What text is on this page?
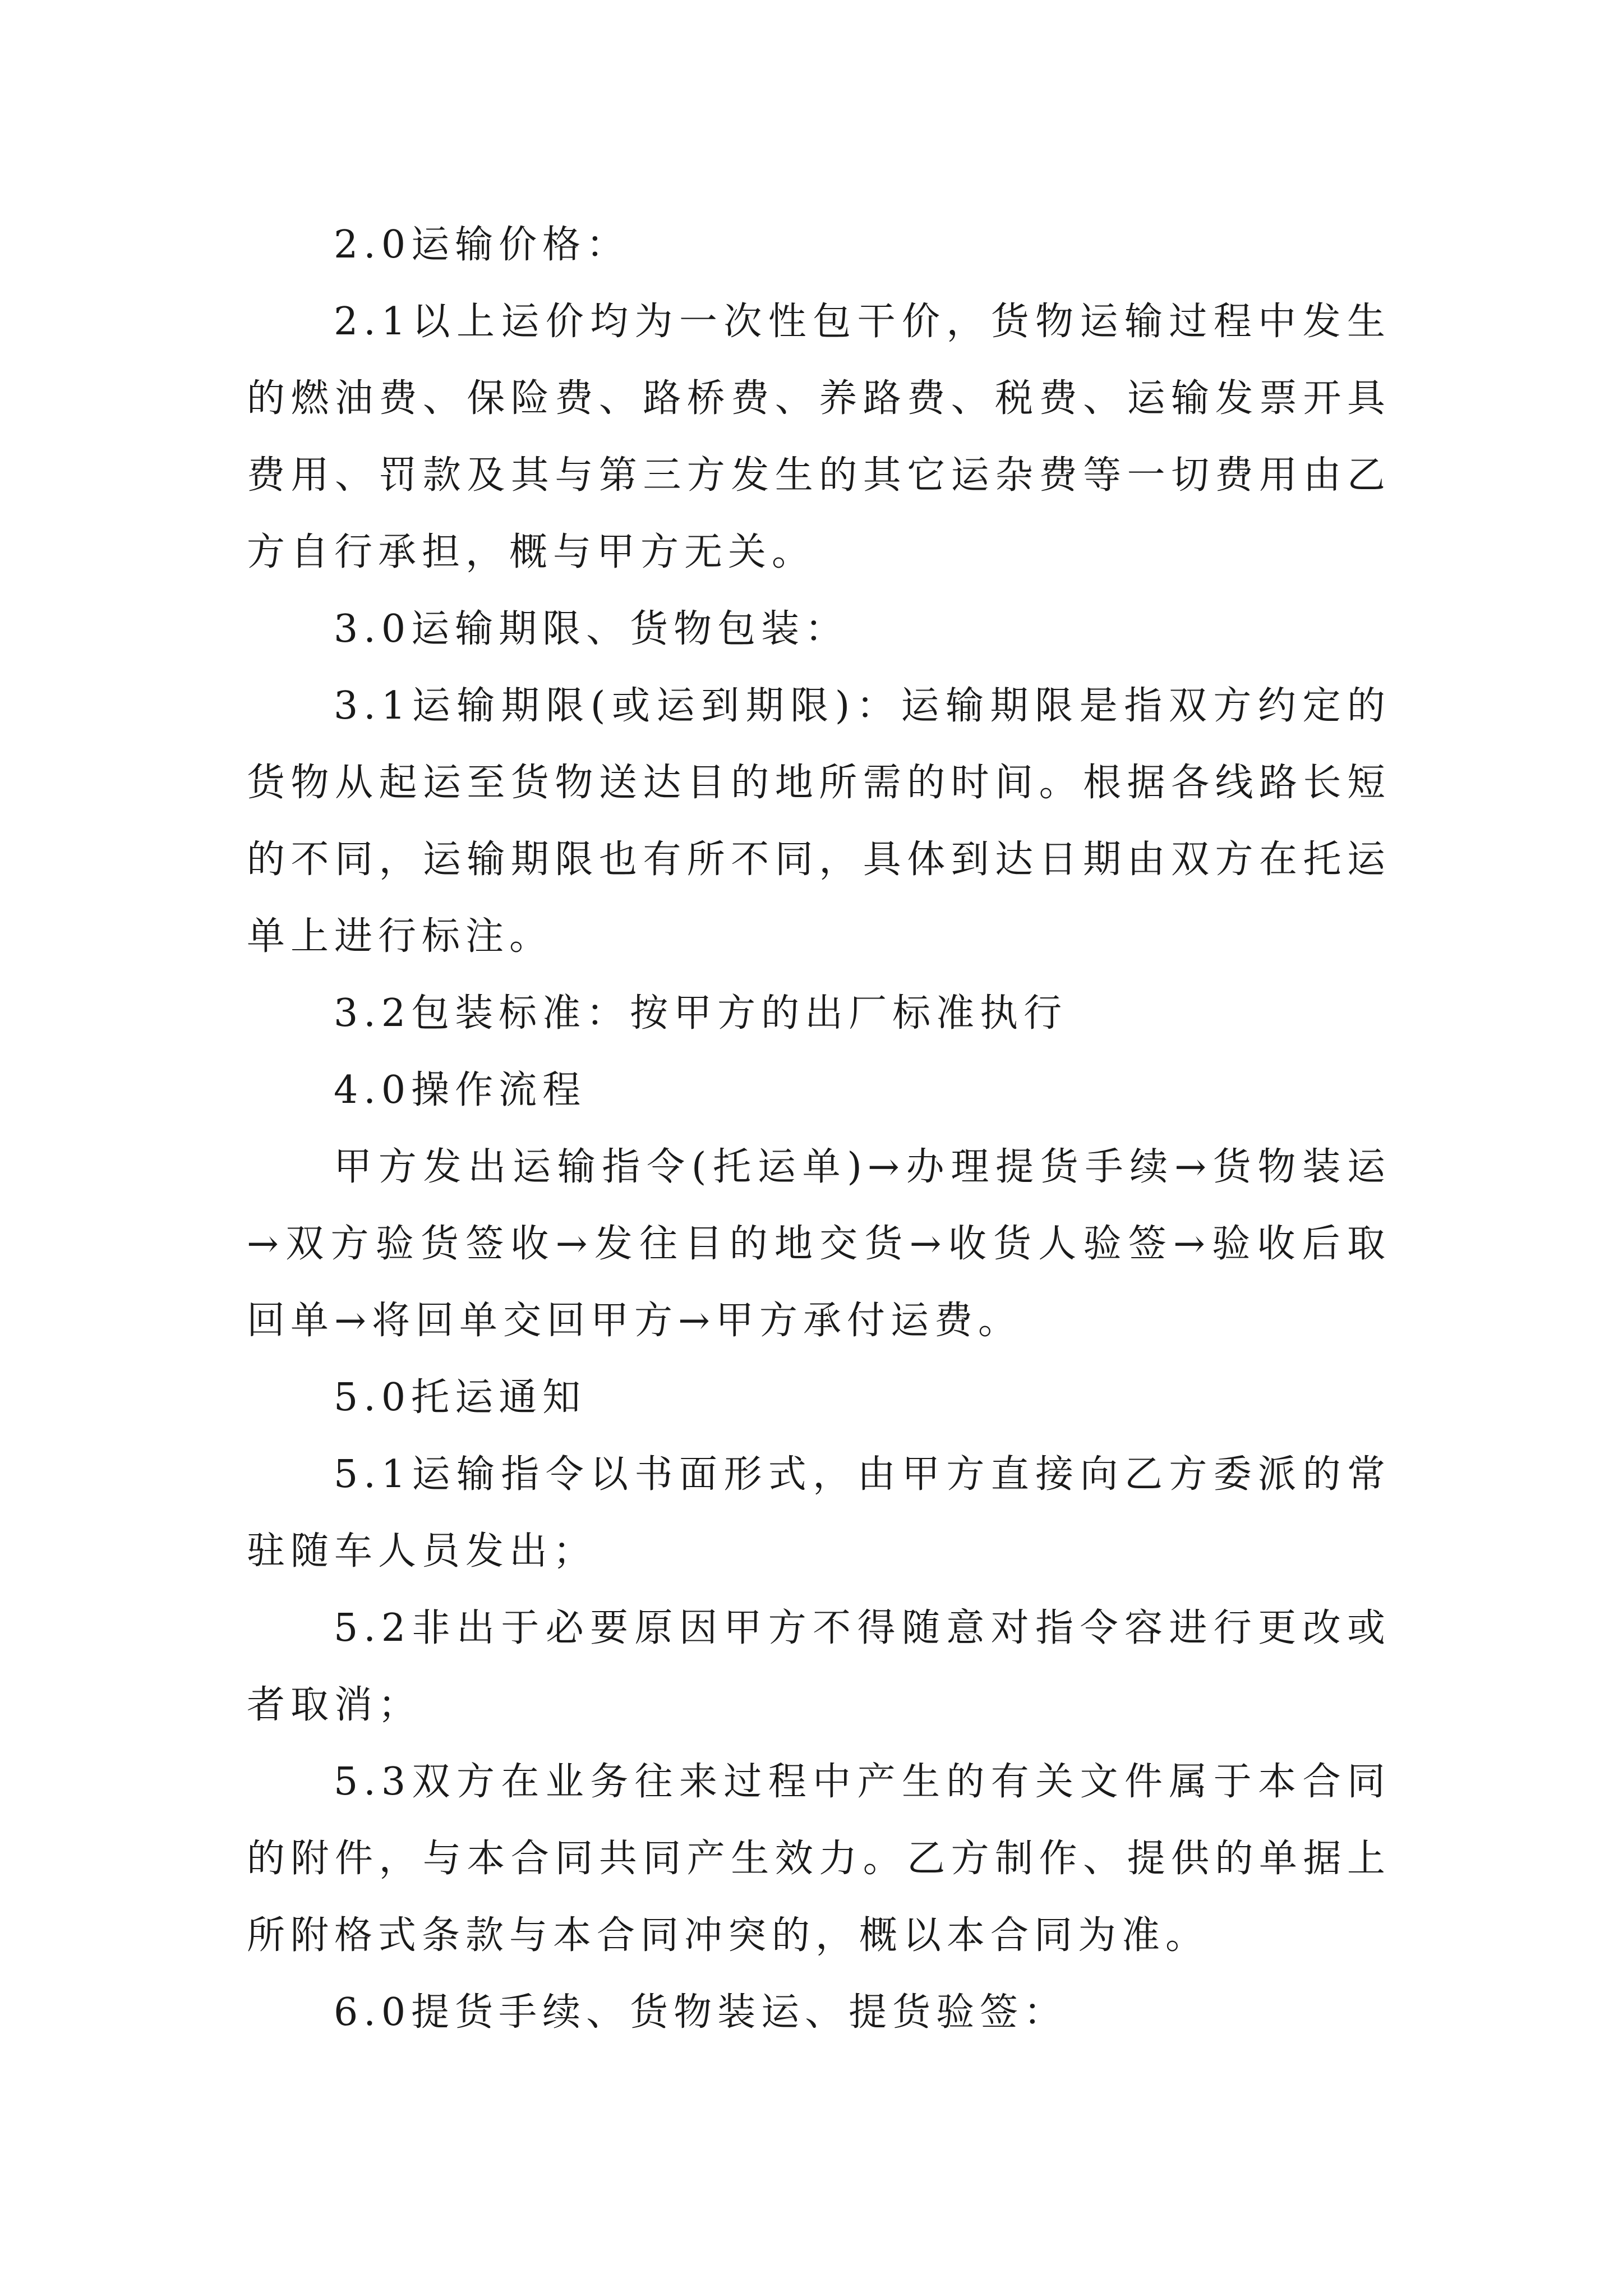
2.0运输价格：

2.1以上运价均为一次性包干价，货物运输过程中发生的燃油费、保险费、路桥费、养路费、税费、运输发票开具费用、罚款及其与第三方发生的其它运杂费等一切费用由乙方自行承担，概与甲方无关。

3.0运输期限、货物包装：

3.1运输期限(或运到期限)：运输期限是指双方约定的货物从起运至货物送达目的地所需的时间。根据各线路长短的不同，运输期限也有所不同，具体到达日期由双方在托运单上进行标注。

3.2包装标准：按甲方的出厂标准执行

4.0操作流程

甲方发出运输指令(托运单)→办理提货手续→货物装运→双方验货签收→发往目的地交货→收货人验签→验收后取回单→将回单交回甲方→甲方承付运费。

5.0托运通知

5.1运输指令以书面形式，由甲方直接向乙方委派的常驻随车人员发出；

5.2非出于必要原因甲方不得随意对指令容进行更改或者取消；

5.3双方在业务往来过程中产生的有关文件属于本合同的附件，与本合同共同产生效力。乙方制作、提供的单据上所附格式条款与本合同冲突的，概以本合同为准。

6.0提货手续、货物装运、提货验签：
